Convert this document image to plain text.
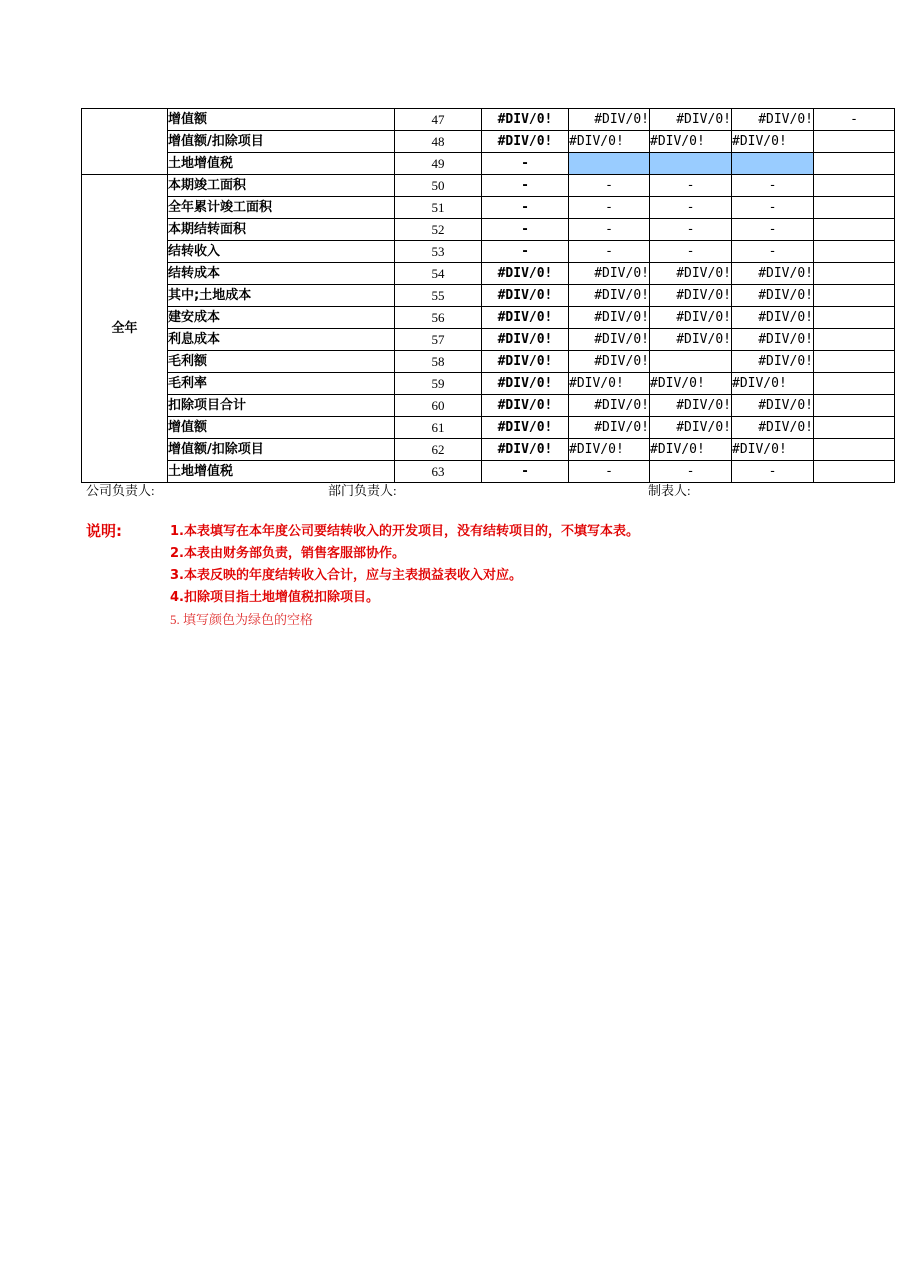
	增值额	47	#DIV/0!	#DIV/0!	#DIV/0!	#DIV/0!	-
	增值额/扣除项目	48	#DIV/0!	#DIV/0!	#DIV/0!	#DIV/0!	
	土地增值税	49	-				
全年	本期竣工面积	50	-	-	-	-	
	全年累计竣工面积	51	-	-	-	-	
	本期结转面积	52	-	-	-	-	
	结转收入	53	-	-	-	-	
	结转成本	54	#DIV/0!	#DIV/0!	#DIV/0!	#DIV/0!	
	其中;土地成本	55	#DIV/0!	#DIV/0!	#DIV/0!	#DIV/0!	
	建安成本	56	#DIV/0!	#DIV/0!	#DIV/0!	#DIV/0!	
	利息成本	57	#DIV/0!	#DIV/0!	#DIV/0!	#DIV/0!	
	毛利额	58	#DIV/0!	#DIV/0!		#DIV/0!	
	毛利率	59	#DIV/0!	#DIV/0!	#DIV/0!	#DIV/0!	
	扣除项目合计	60	#DIV/0!	#DIV/0!	#DIV/0!	#DIV/0!	
	增值额	61	#DIV/0!	#DIV/0!	#DIV/0!	#DIV/0!	
	增值额/扣除项目	62	#DIV/0!	#DIV/0!	#DIV/0!	#DIV/0!	
	土地增值税	63	-	-	-	-	
公司负责人:	部门负责人:	制表人:
说明:	1.本表填写在本年度公司要结转收入的开发项目，没有结转项目的，不填写本表。
2.本表由财务部负责，销售客服部协作。
3.本表反映的年度结转收入合计，应与主表损益表收入对应。
4.扣除项目指土地增值税扣除项目。
5. 填写颜色为绿色的空格
